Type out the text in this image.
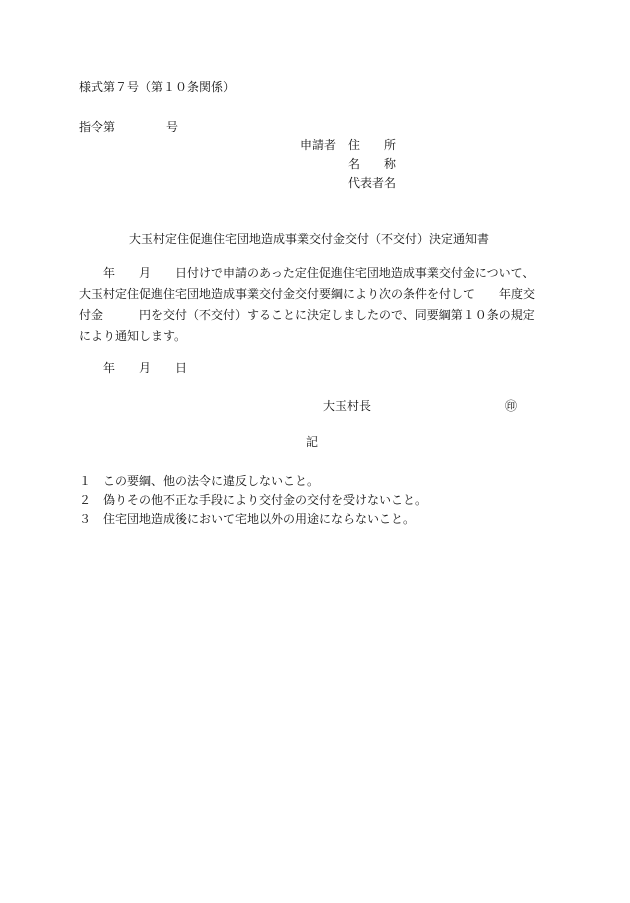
様式第７号（第１０条関係）
指令第	号
申請者 住　　所
名　　称
代表者名
大玉村定住促進住宅団地造成事業交付金交付（不交付）決定通知書
　　年　　月　　日付けで申請のあった定住促進住宅団地造成事業交付金について、
大玉村定住促進住宅団地造成事業交付金交付要綱により次の条件を付して　　年度交
付金　　　円を交付（不交付）することに決定しましたので、同要綱第１０条の規定
により通知します。
　　年　　月　　日
大玉村長	㊞
記
１ この要綱、他の法令に違反しないこと。
２ 偽りその他不正な手段により交付金の交付を受けないこと。
３ 住宅団地造成後において宅地以外の用途にならないこと。
